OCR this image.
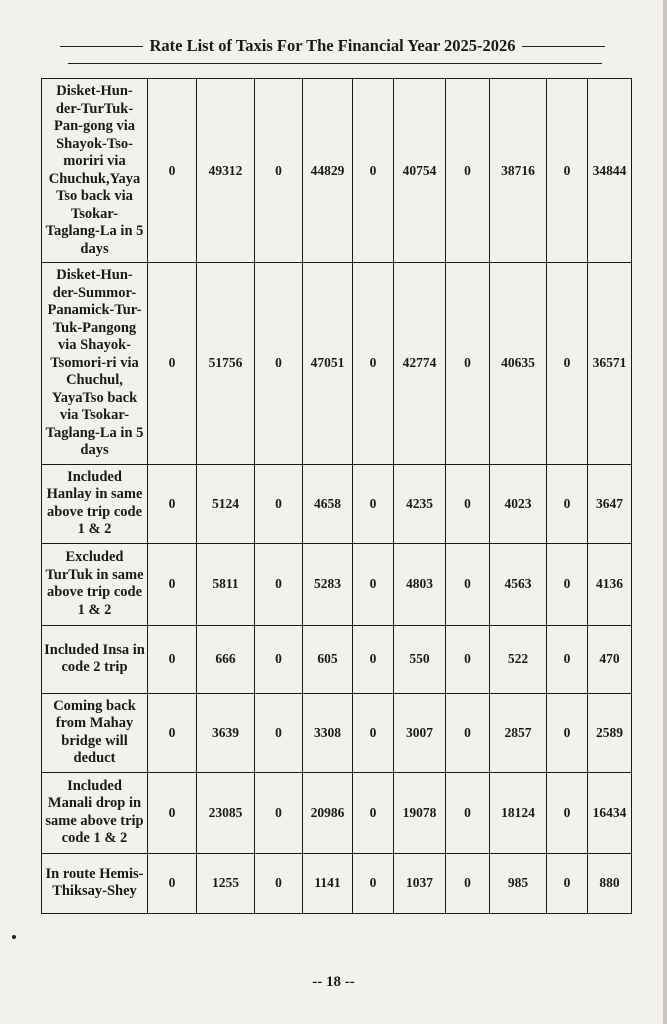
Rate List of Taxis For The Financial Year 2025-2026
Disket-Hun-der-TurTuk-Pan-gong via Shayok-Tso-moriri via Chuchuk,Yaya Tso back via Tsokar-Taglang-La in 5 days	0	49312	0	44829	0	40754	0	38716	0	34844
Disket-Hun-der-Summor-Panamick-Tur-Tuk-Pangong via Shayok-Tsomori-ri via Chuchul, YayaTso back via Tsokar-Taglang-La in 5 days	0	51756	0	47051	0	42774	0	40635	0	36571
Included Hanlay in same above trip code 1 & 2	0	5124	0	4658	0	4235	0	4023	0	3647
Excluded TurTuk in same above trip code 1 & 2	0	5811	0	5283	0	4803	0	4563	0	4136
Included Insa in code 2 trip	0	666	0	605	0	550	0	522	0	470
Coming back from Mahay bridge will deduct	0	3639	0	3308	0	3007	0	2857	0	2589
Included Manali drop in same above trip code 1 & 2	0	23085	0	20986	0	19078	0	18124	0	16434
In route Hemis-Thiksay-Shey	0	1255	0	1141	0	1037	0	985	0	880
-- 18 --
